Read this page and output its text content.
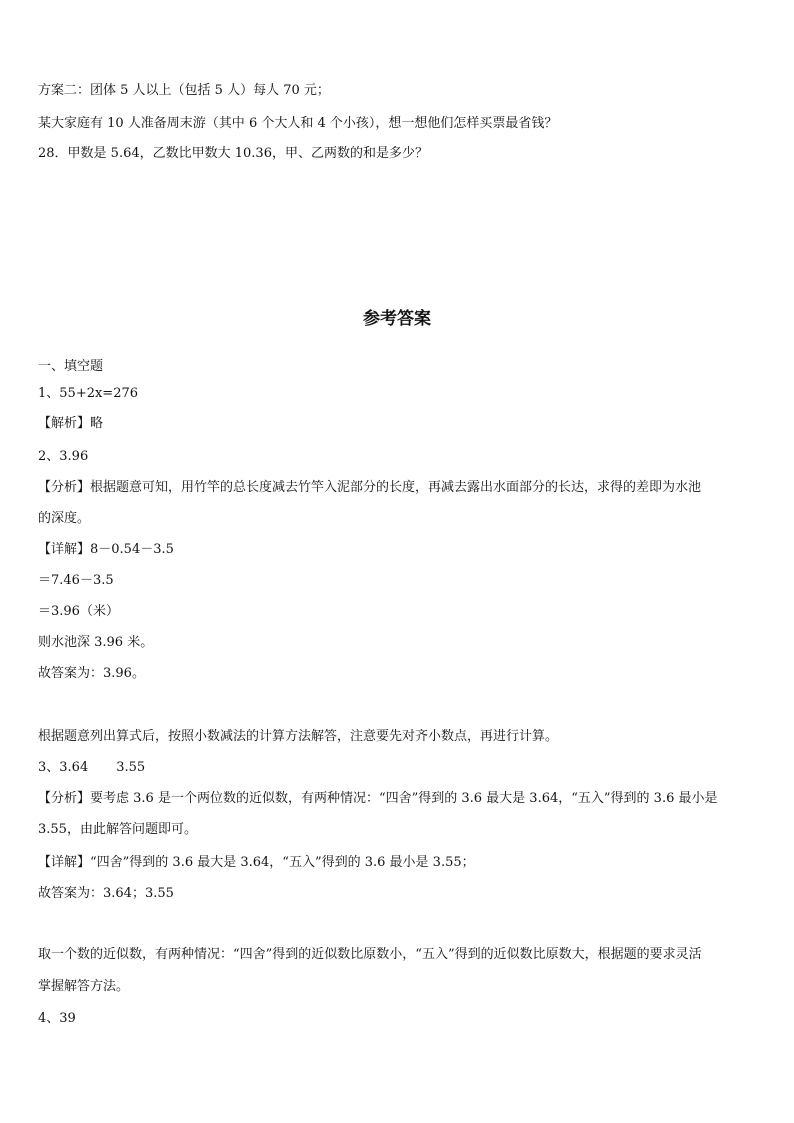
方案二：团体 5 人以上（包括 5 人）每人 70 元；
某大家庭有 10 人准备周末游（其中 6 个大人和 4 个小孩），想一想他们怎样买票最省钱？
28．甲数是 5.64，乙数比甲数大 10.36，甲、乙两数的和是多少？
参考答案
一、填空题
1、55+2x=276
【解析】略
2、3.96
【分析】根据题意可知，用竹竿的总长度减去竹竿入泥部分的长度，再减去露出水面部分的长达，求得的差即为水池
的深度。
【详解】8－0.54－3.5
＝7.46－3.5
＝3.96（米）
则水池深 3.96 米。
故答案为：3.96。
根据题意列出算式后，按照小数减法的计算方法解答，注意要先对齐小数点，再进行计算。
3、3.64 3.55
【分析】要考虑 3.6 是一个两位数的近似数，有两种情况：“四舍”得到的 3.6 最大是 3.64，“五入”得到的 3.6 最小是
3.55，由此解答问题即可。
【详解】“四舍”得到的 3.6 最大是 3.64，“五入”得到的 3.6 最小是 3.55；
故答案为：3.64；3.55
取一个数的近似数，有两种情况：“四舍”得到的近似数比原数小，“五入”得到的近似数比原数大，根据题的要求灵活
掌握解答方法。
4、39
